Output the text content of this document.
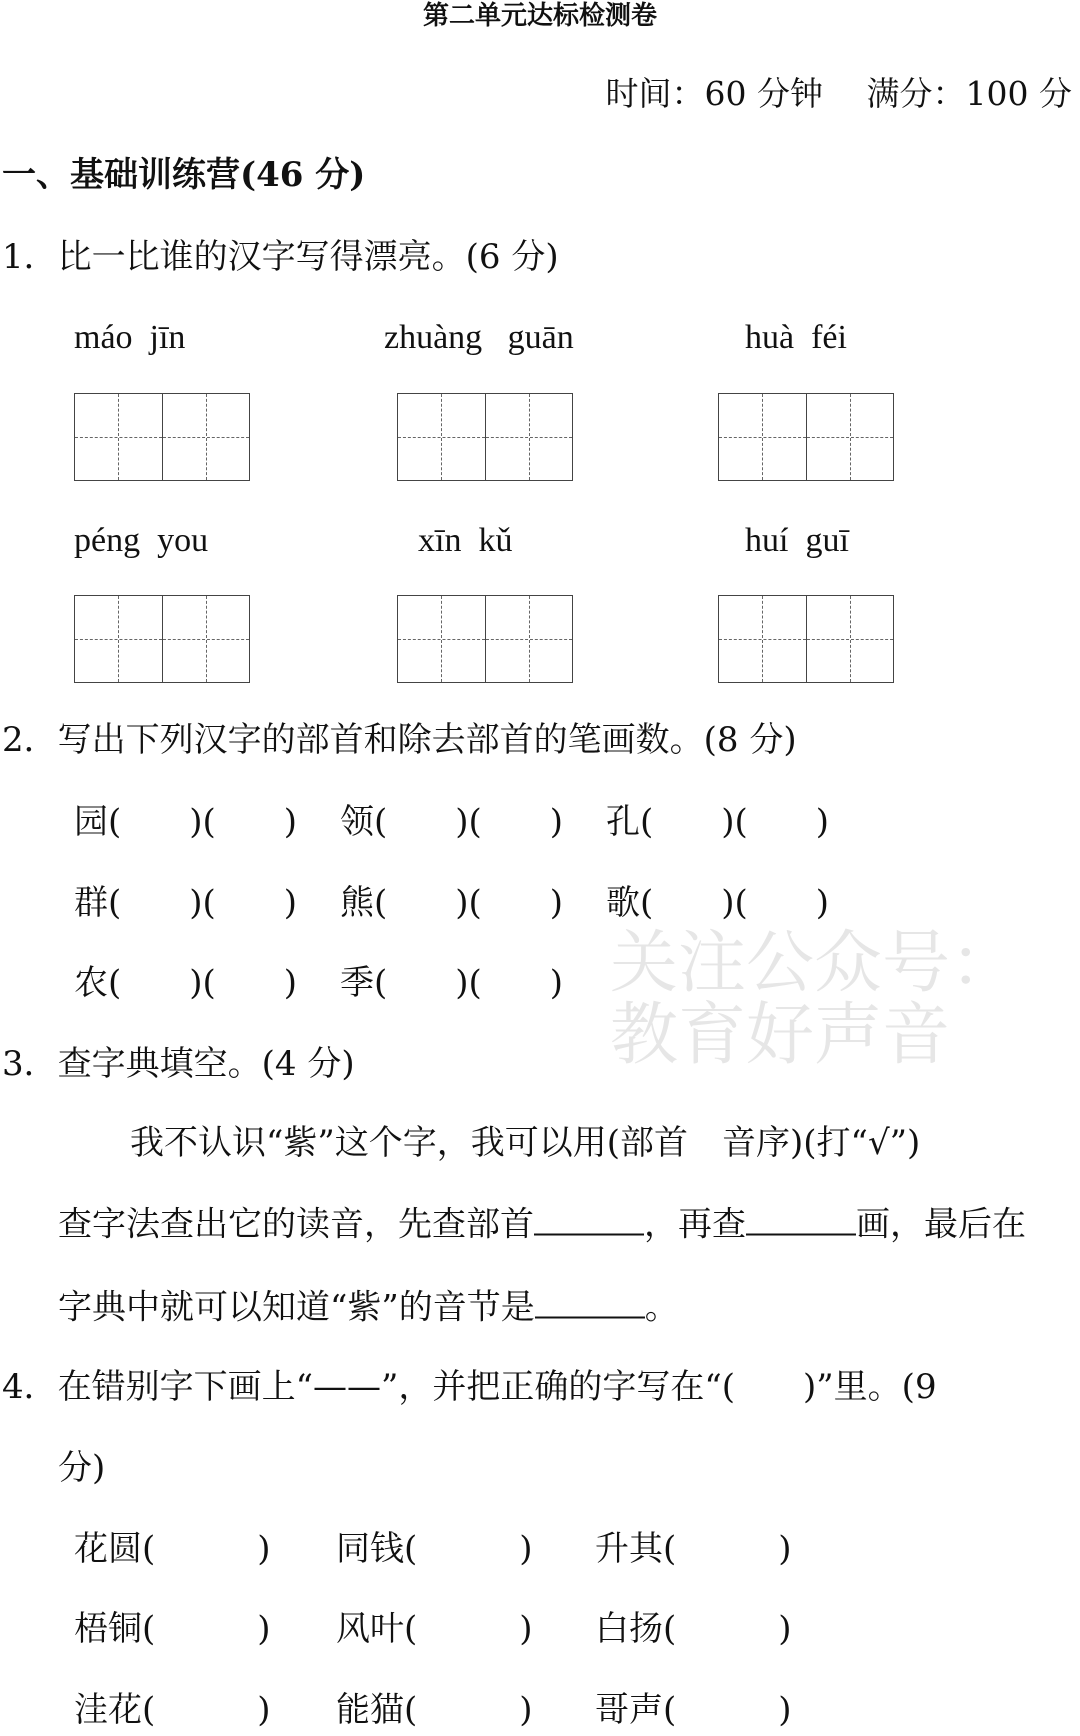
第二单元达标检测卷
时间：60 分钟　 满分：100 分
一、基础训练营(46 分)
1．比一比谁的汉字写得漂亮。(6 分)
máo  jīn	zhuàng   guān	huà  féi
péng  you	xīn  kǔ	huí  guī
2．写出下列汉字的部首和除去部首的笔画数。(8 分)
园(　　)(　　) 领(　　)(　　) 孔(　　)(　　)
群(　　)(　　) 熊(　　)(　　) 歌(　　)(　　)
农(　　)(　　) 季(　　)(　　) 关注公众号：教育好声音
3．查字典填空。(4 分)
我不认识“紫”这个字，我可以用(部首　音序)(打“√”)
查字法查出它的读音，先查部首	，再查	画，最后在
字典中就可以知道“紫”的音节是	。
4．在错别字下画上“——”，并把正确的字写在“(　　)”里。(9
分)
花圆(　　　) 同钱(　　　) 升其(　　　)
梧铜(　　　) 风叶(　　　) 白扬(　　　)
洼花(　　　) 能猫(　　　) 哥声(　　　)
